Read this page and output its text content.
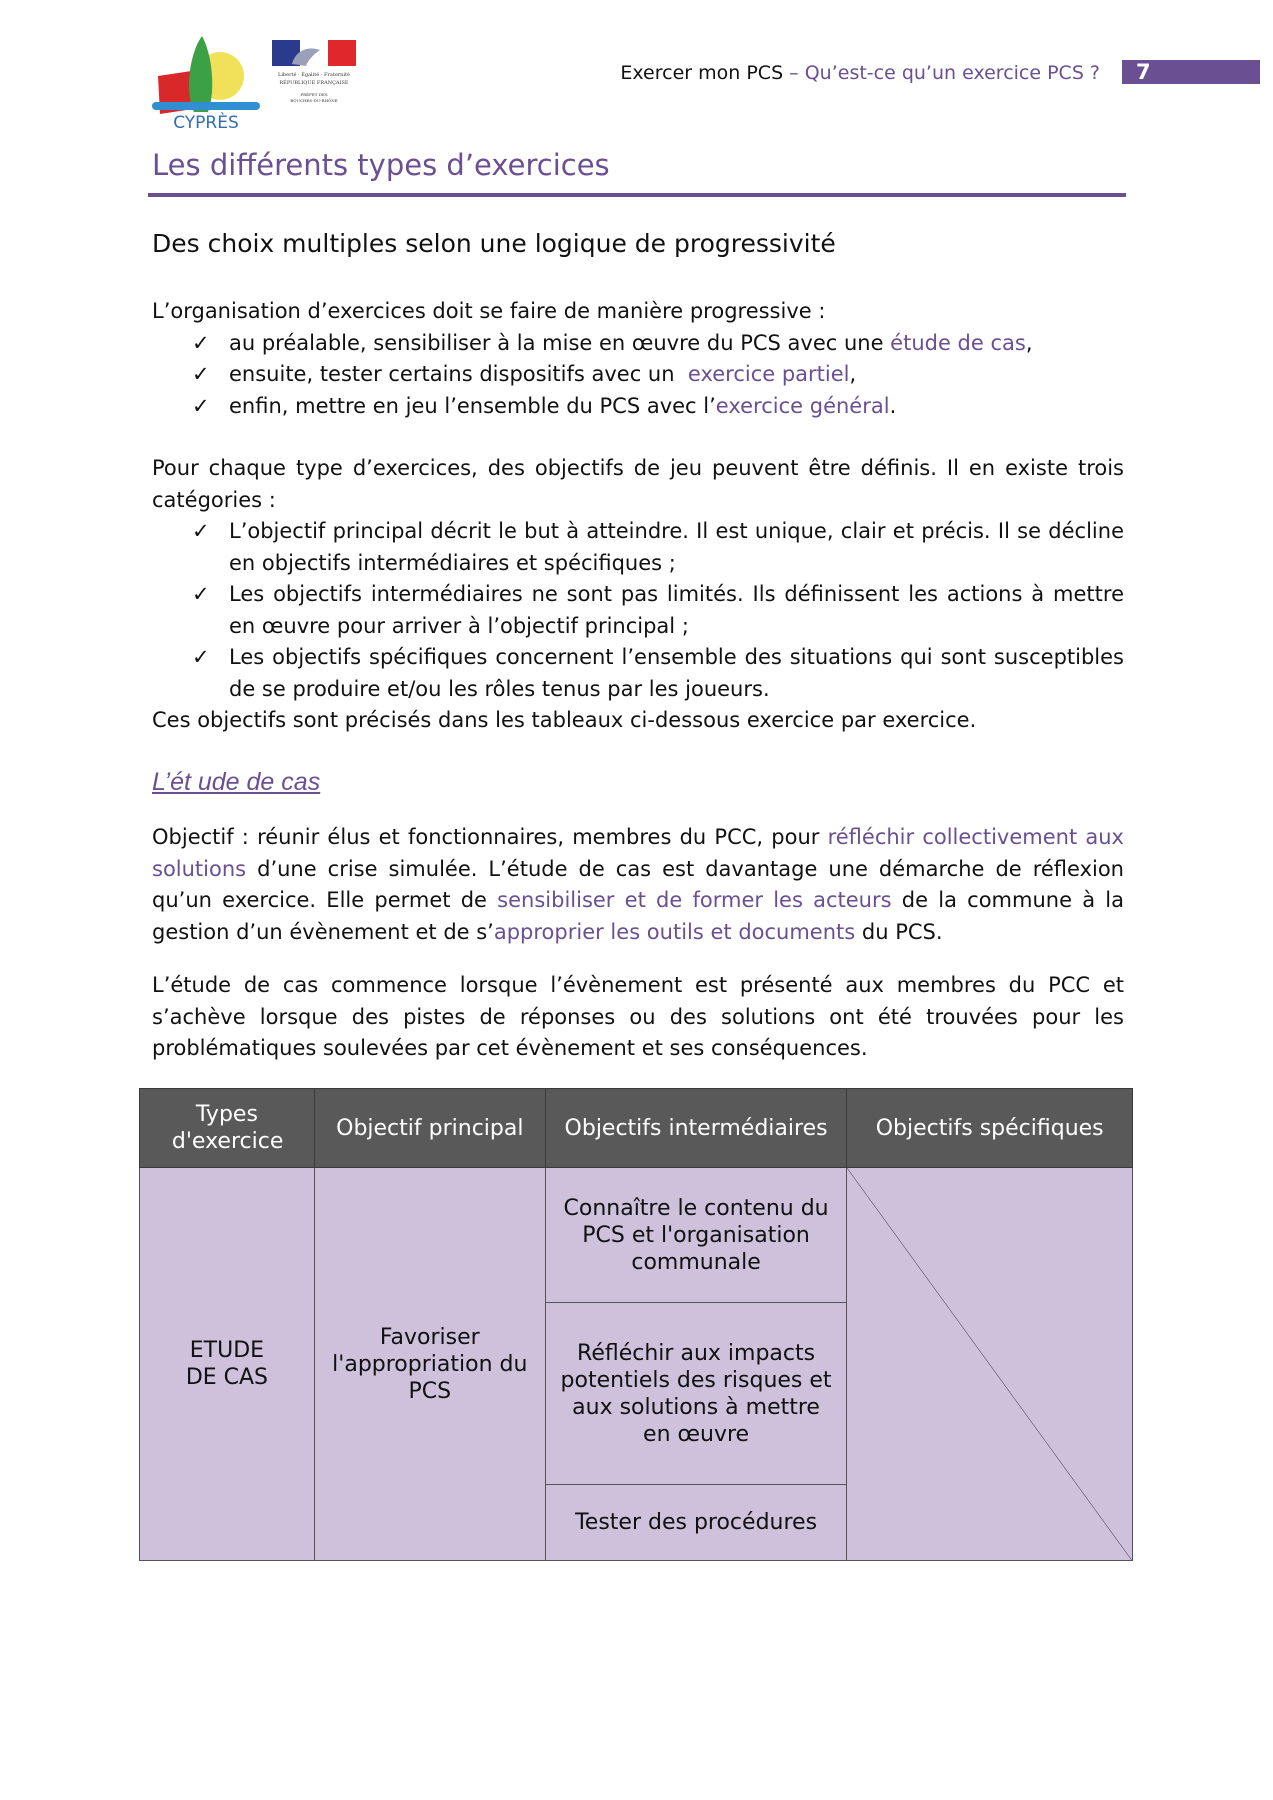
CYPRÈS
Liberté · Égalité · Fraternité
RÉPUBLIQUE FRANÇAISE
PRÉFET DES
BOUCHES-DU-RHÔNE
Exercer mon PCS – Qu’est-ce qu’un exercice PCS ?	7
Les différents types d’exercices
Des choix multiples selon une logique de progressivité

L’organisation d’exercices doit se faire de manière progressive :

✓ au préalable, sensibiliser à la mise en œuvre du PCS avec une étude de cas,
✓ ensuite, tester certains dispositifs avec un  exercice partiel,
✓ enfin, mettre en jeu l’ensemble du PCS avec l’exercice général.

Pour chaque type d’exercices, des objectifs de jeu peuvent être définis. Il en existe trois catégories :

✓ L’objectif principal décrit le but à atteindre. Il est unique, clair et précis. Il se décline en objectifs intermédiaires et spécifiques ;
✓ Les objectifs intermédiaires ne sont pas limités. Ils définissent les actions à mettre en œuvre pour arriver à l’objectif principal ;
✓ Les objectifs spécifiques concernent l’ensemble des situations qui sont susceptibles de se produire et/ou les rôles tenus par les joueurs.

Ces objectifs sont précisés dans les tableaux ci-dessous exercice par exercice.

L’ét ude de cas

Objectif : réunir élus et fonctionnaires, membres du PCC, pour réfléchir collectivement aux solutions d’une crise simulée. L’étude de cas est davantage une démarche de réflexion qu’un exercice. Elle permet de sensibiliser et de former les acteurs de la commune à la gestion d’un évènement et de s’approprier les outils et documents du PCS.

L’étude de cas commence lorsque l’évènement est présenté aux membres du PCC et s’achève lorsque des pistes de réponses ou des solutions ont été trouvées pour les problématiques soulevées par cet évènement et ses conséquences.

Types d'exercice	Objectif principal	Objectifs intermédiaires	Objectifs spécifiques
ETUDE DE CAS	Favoriser l'appropriation du PCS	Connaître le contenu du PCS et l'organisation communale	

		Réfléchir aux impacts potentiels des risques et aux solutions à mettre en œuvre	
		Tester des procédures	
